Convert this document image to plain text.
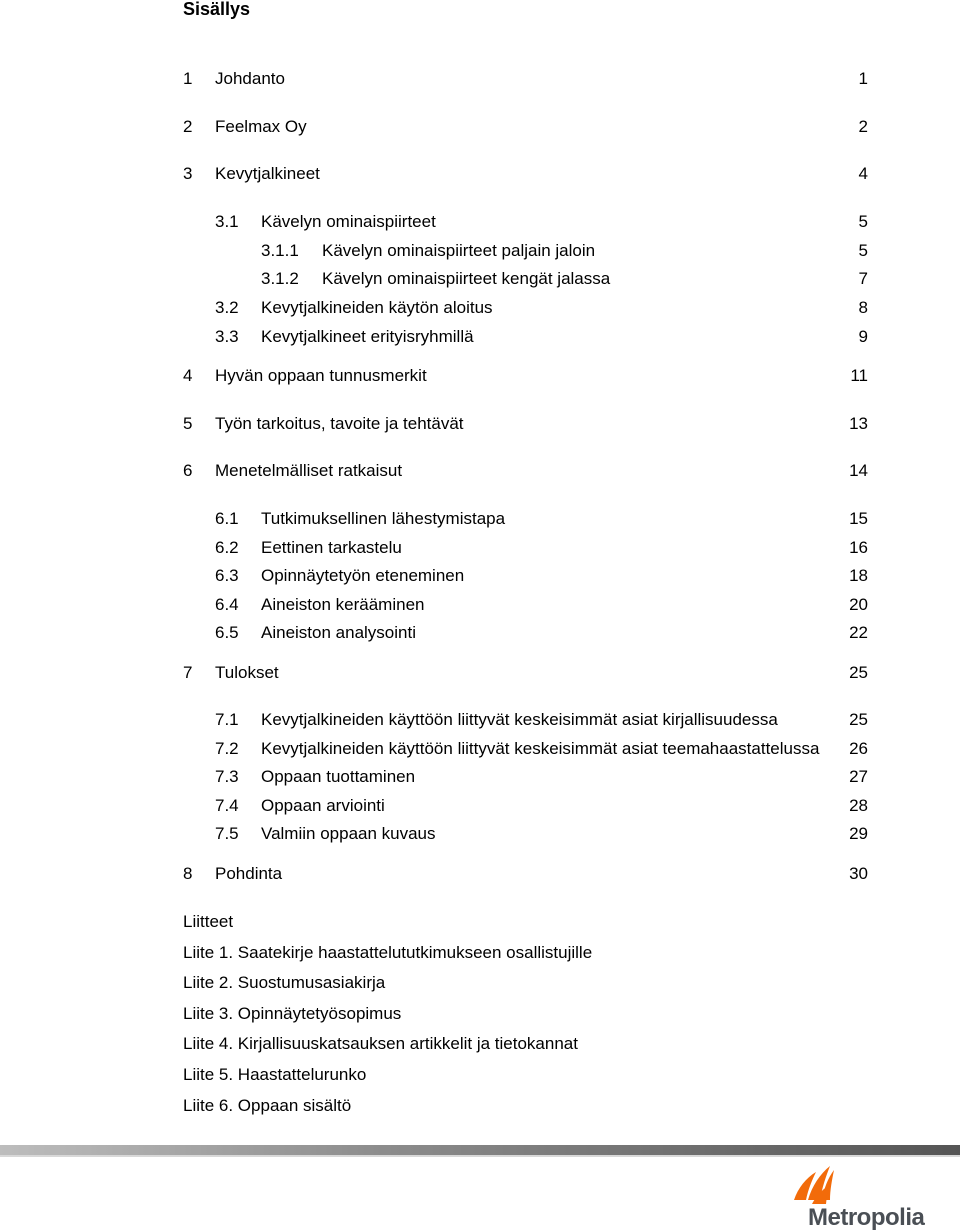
Sisällys
1 Johdanto	1
2 Feelmax Oy	2
3 Kevytjalkineet	4
3.1 Kävelyn ominaispiirteet	5
3.1.1 Kävelyn ominaispiirteet paljain jaloin	5
3.1.2 Kävelyn ominaispiirteet kengät jalassa	7
3.2 Kevytjalkineiden käytön aloitus	8
3.3 Kevytjalkineet erityisryhmillä	9
4 Hyvän oppaan tunnusmerkit	11
5 Työn tarkoitus, tavoite ja tehtävät	13
6 Menetelmälliset ratkaisut	14
6.1 Tutkimuksellinen lähestymistapa	15
6.2 Eettinen tarkastelu	16
6.3 Opinnäytetyön eteneminen	18
6.4 Aineiston kerääminen	20
6.5 Aineiston analysointi	22
7 Tulokset	25
7.1 Kevytjalkineiden käyttöön liittyvät keskeisimmät asiat kirjallisuudessa	25
7.2 Kevytjalkineiden käyttöön liittyvät keskeisimmät asiat teemahaastattelussa 26
7.3 Oppaan tuottaminen	27
7.4 Oppaan arviointi	28
7.5 Valmiin oppaan kuvaus	29
8 Pohdinta	30
Liitteet
Liite 1. Saatekirje haastattelututkimukseen osallistujille
Liite 2. Suostumusasiakirja
Liite 3. Opinnäytetyösopimus
Liite 4. Kirjallisuuskatsauksen artikkelit ja tietokannat
Liite 5. Haastattelurunko
Liite 6. Oppaan sisältö
Metropolia
